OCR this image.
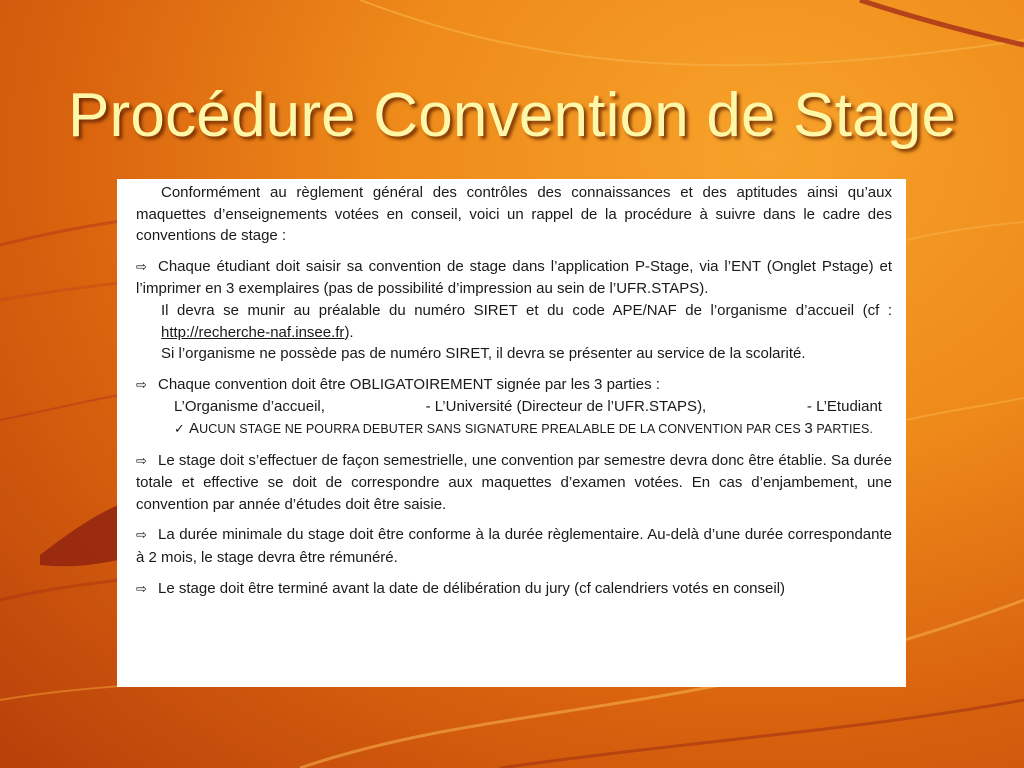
Procédure Convention de Stage

Conformément au règlement général des contrôles des connaissances et des aptitudes ainsi qu’aux maquettes d’enseignements votées en conseil, voici un rappel de la procédure à suivre dans le cadre des conventions de stage :

⇨ Chaque étudiant doit saisir sa convention de stage dans l’application P-Stage, via l’ENT (Onglet Pstage) et l’imprimer en 3 exemplaires (pas de possibilité d’impression au sein de l’UFR.STAPS).

Il devra se munir au préalable du numéro SIRET et du code APE/NAF de l’organisme d’accueil (cf : http://recherche-naf.insee.fr).

Si l’organisme ne possède pas de numéro SIRET, il devra se présenter au service de la scolarité.

⇨ Chaque convention doit être OBLIGATOIREMENT signée par les 3 parties :

L’Organisme d’accueil,	- L’Université (Directeur de l’UFR.STAPS),	- L’Etudiant
✓ AUCUN STAGE NE POURRA DEBUTER SANS SIGNATURE PREALABLE DE LA CONVENTION PAR CES 3 PARTIES.

⇨ Le stage doit s’effectuer de façon semestrielle, une convention par semestre devra donc être établie. Sa durée totale et effective se doit de correspondre aux maquettes d’examen votées. En cas d’enjambement, une convention par année d’études doit être saisie.

⇨ La durée minimale du stage doit être conforme à la durée règlementaire. Au-delà d’une durée correspondante à 2 mois, le stage devra être rémunéré.

⇨ Le stage doit être terminé avant la date de délibération du jury (cf calendriers votés en conseil)
